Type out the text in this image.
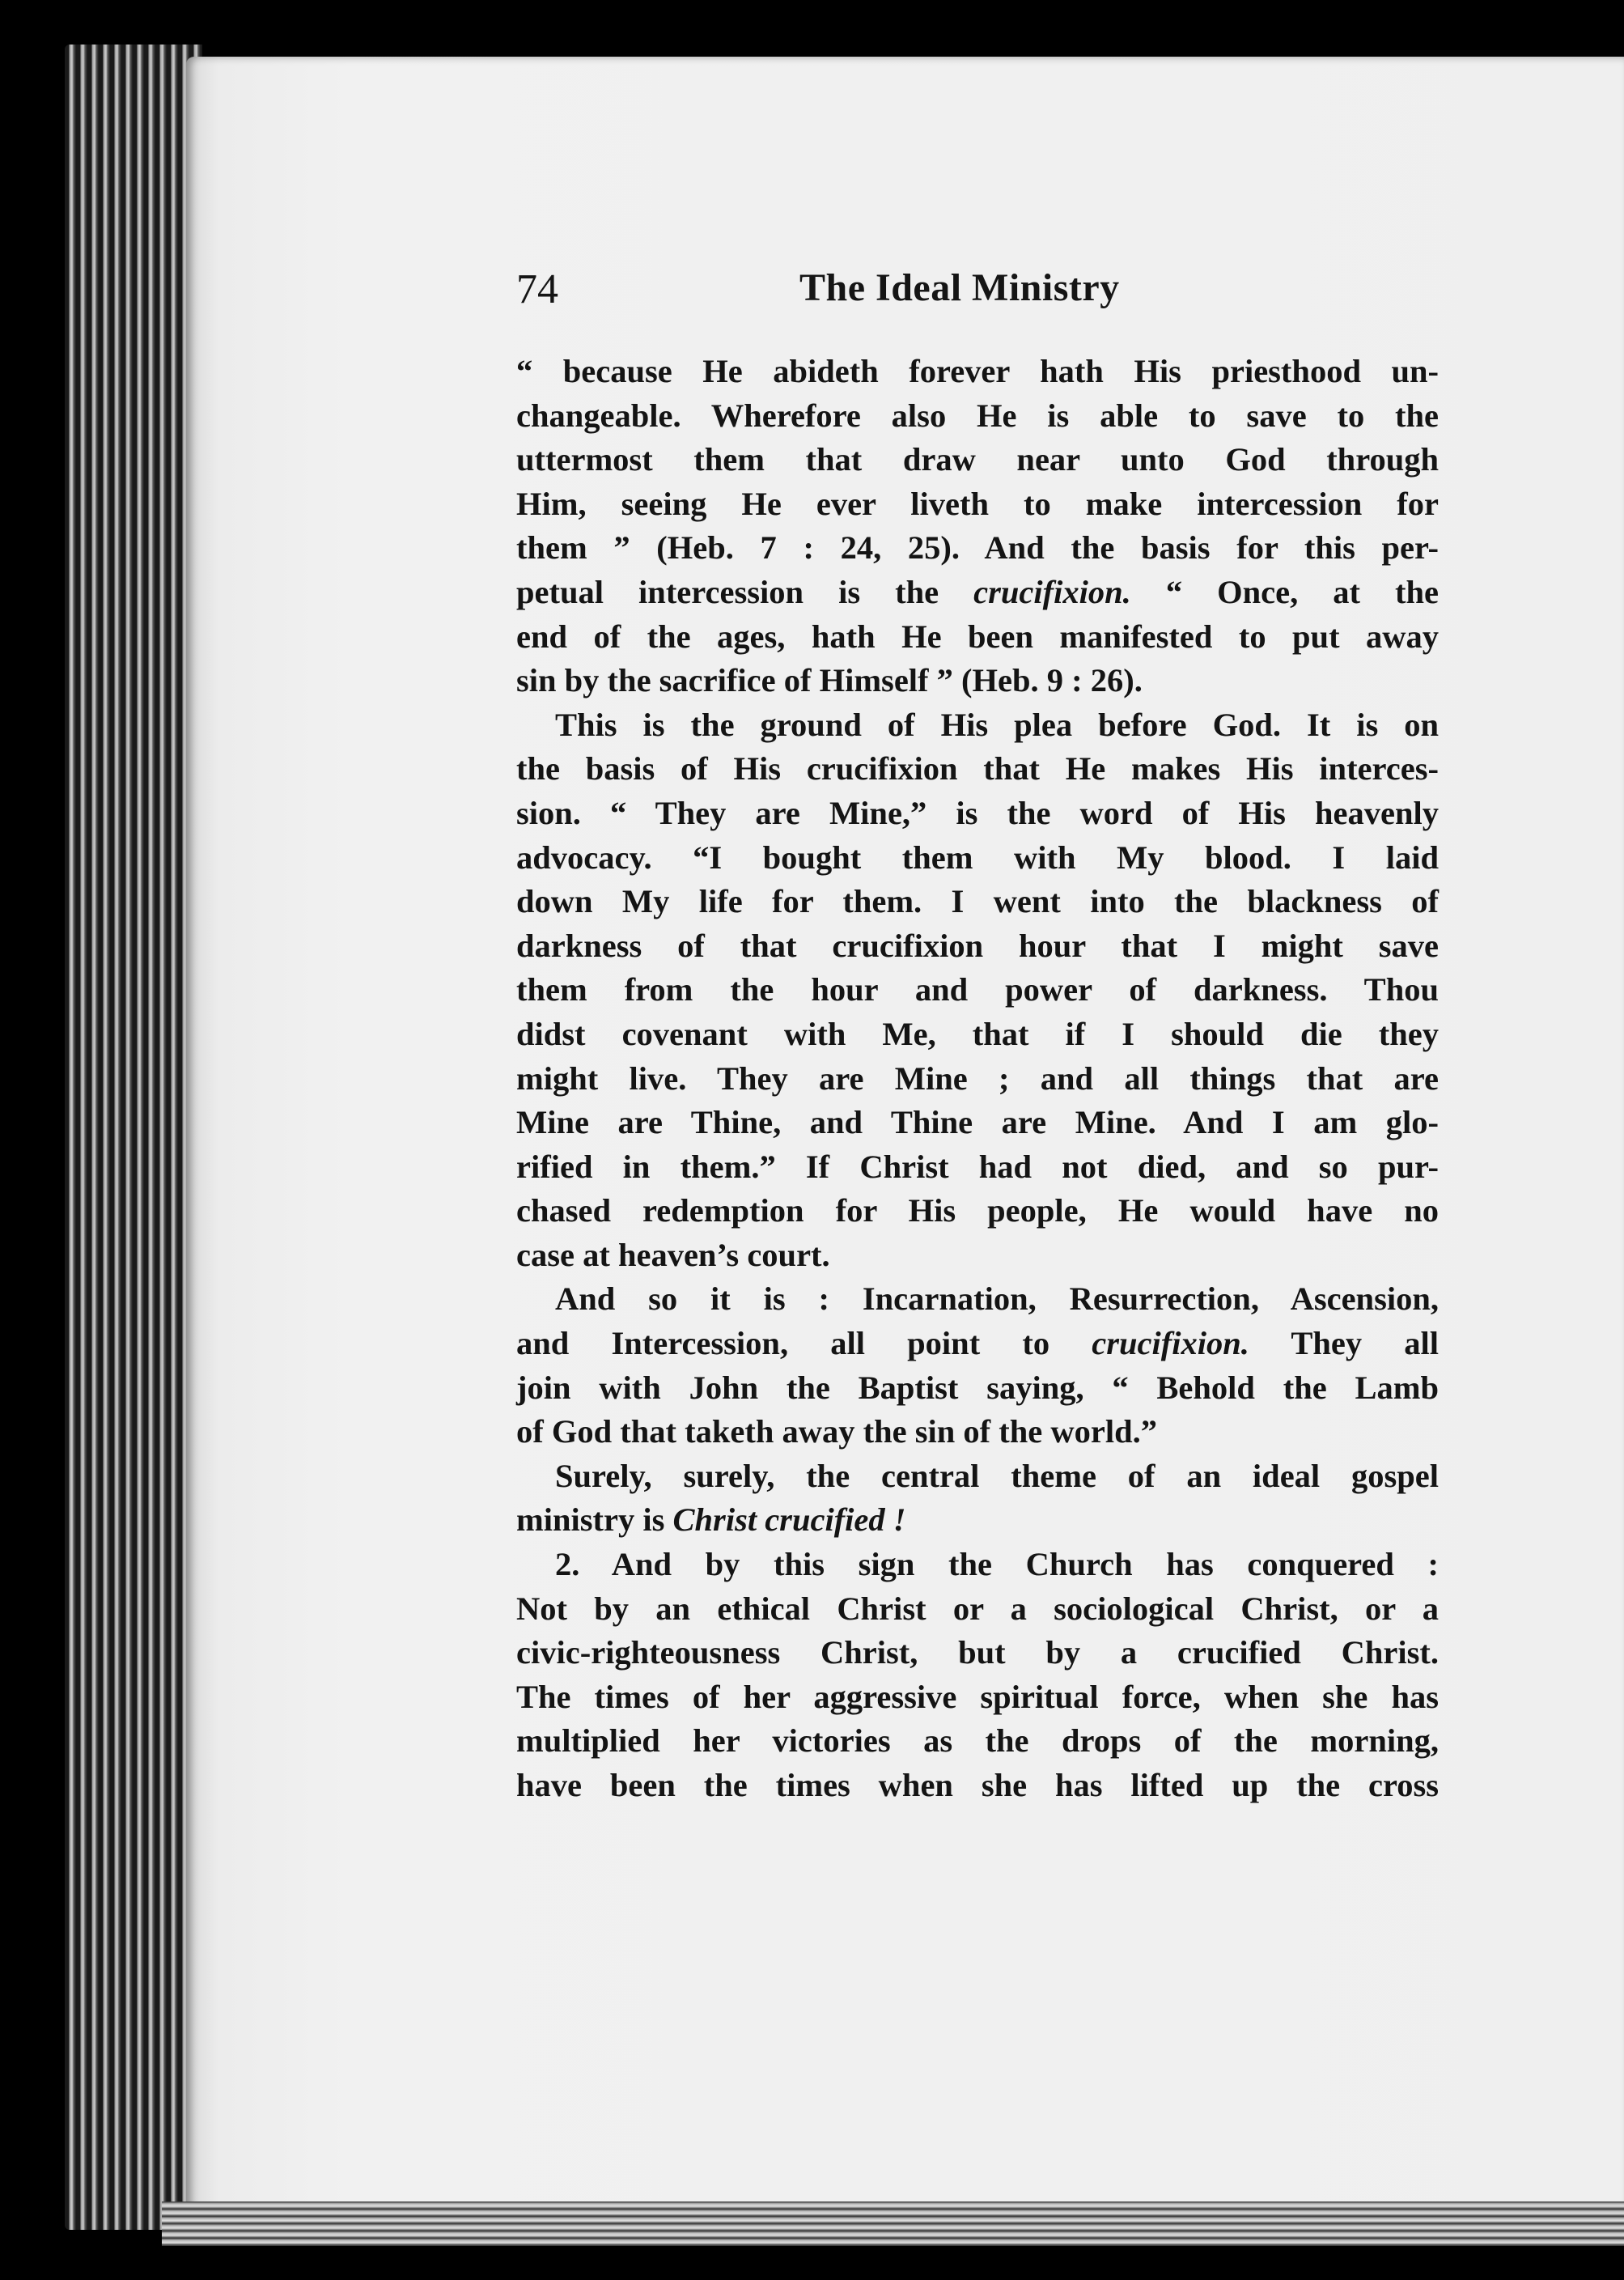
74	The Ideal Ministry
“ because He abideth forever hath His priesthood un-
changeable. Wherefore also He is able to save to the
uttermost them that draw near unto God through
Him, seeing He ever liveth to make intercession for
them ” (Heb. 7 : 24, 25). And the basis for this per-
petual intercession is the crucifixion. “ Once, at the
end of the ages, hath He been manifested to put away
sin by the sacrifice of Himself ” (Heb. 9 : 26).
This is the ground of His plea before God. It is on
the basis of His crucifixion that He makes His interces-
sion. “ They are Mine,” is the word of His heavenly
advocacy. “I bought them with My blood. I laid
down My life for them. I went into the blackness of
darkness of that crucifixion hour that I might save
them from the hour and power of darkness. Thou
didst covenant with Me, that if I should die they
might live. They are Mine ; and all things that are
Mine are Thine, and Thine are Mine. And I am glo-
rified in them.” If Christ had not died, and so pur-
chased redemption for His people, He would have no
case at heaven’s court.
And so it is : Incarnation, Resurrection, Ascension,
and Intercession, all point to crucifixion. They all
join with John the Baptist saying, “ Behold the Lamb
of God that taketh away the sin of the world.”
Surely, surely, the central theme of an ideal gospel
ministry is Christ crucified !
2. And by this sign the Church has conquered :
Not by an ethical Christ or a sociological Christ, or a
civic-righteousness Christ, but by a crucified Christ.
The times of her aggressive spiritual force, when she has
multiplied her victories as the drops of the morning,
have been the times when she has lifted up the cross
